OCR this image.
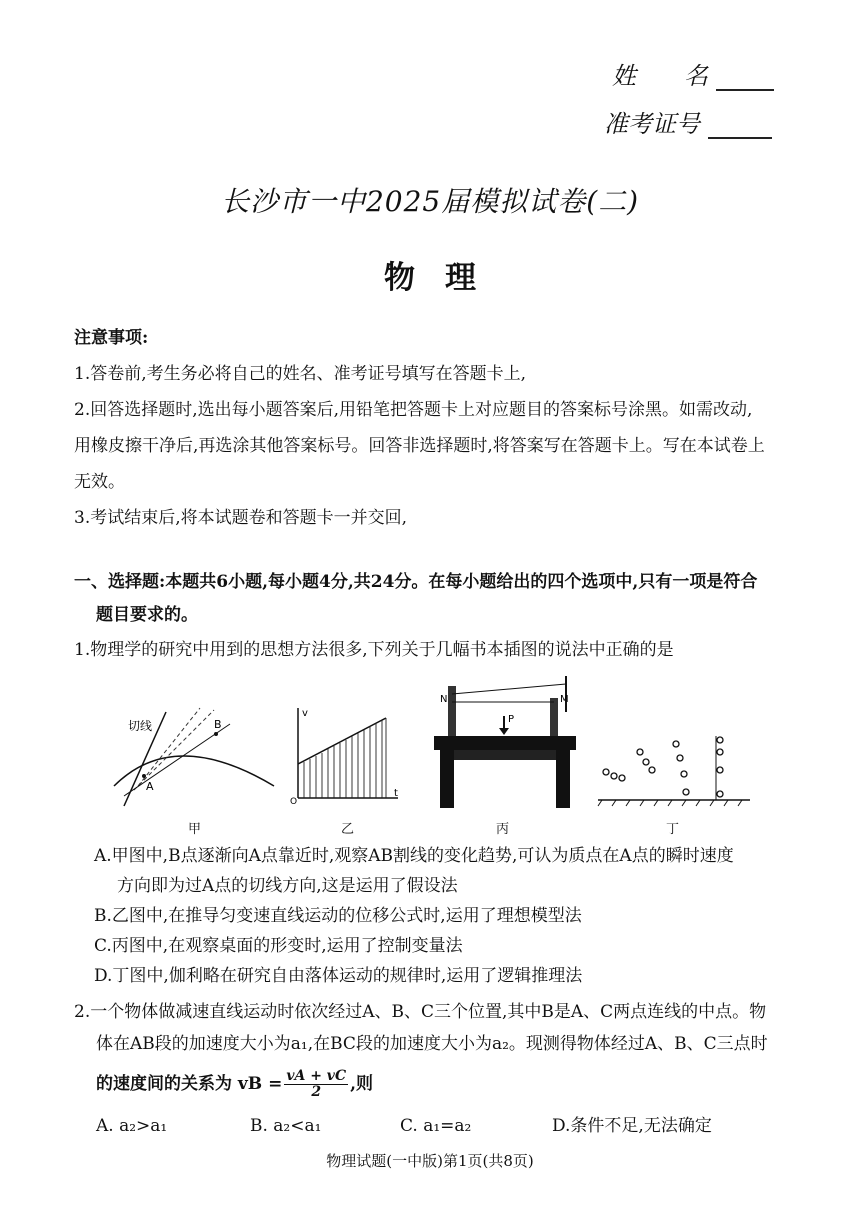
姓　　名
准考证号
长沙市一中2025届模拟试卷(二)
物理
注意事项:
1.答卷前,考生务必将自己的姓名、准考证号填写在答题卡上,
2.回答选择题时,选出每小题答案后,用铅笔把答题卡上对应题目的答案标号涂黑。如需改动,
用橡皮擦干净后,再选涂其他答案标号。回答非选择题时,将答案写在答题卡上。写在本试卷上
无效。
3.考试结束后,将本试题卷和答题卡一并交回,
一、选择题:本题共6小题,每小题4分,共24分。在每小题给出的四个选项中,只有一项是符合
题目要求的。
1.物理学的研究中用到的思想方法很多,下列关于几幅书本插图的说法中正确的是
切线
A
B
v
t
O
N	M
P
甲	乙	丙	丁
A.甲图中,B点逐渐向A点靠近时,观察AB割线的变化趋势,可认为质点在A点的瞬时速度
方向即为过A点的切线方向,这是运用了假设法
B.乙图中,在推导匀变速直线运动的位移公式时,运用了理想模型法
C.丙图中,在观察桌面的形变时,运用了控制变量法
D.丁图中,伽利略在研究自由落体运动的规律时,运用了逻辑推理法
2.一个物体做减速直线运动时依次经过A、B、C三个位置,其中B是A、C两点连线的中点。物
体在AB段的加速度大小为a₁,在BC段的加速度大小为a₂。现测得物体经过A、B、C三点时
的速度间的关系为 vB = $\frac{vA + vC}{2}$ ,则
A. a₂>a₁	B. a₂<a₁	C. a₁=a₂	D.条件不足,无法确定
物理试题(一中版)第1页(共8页)
